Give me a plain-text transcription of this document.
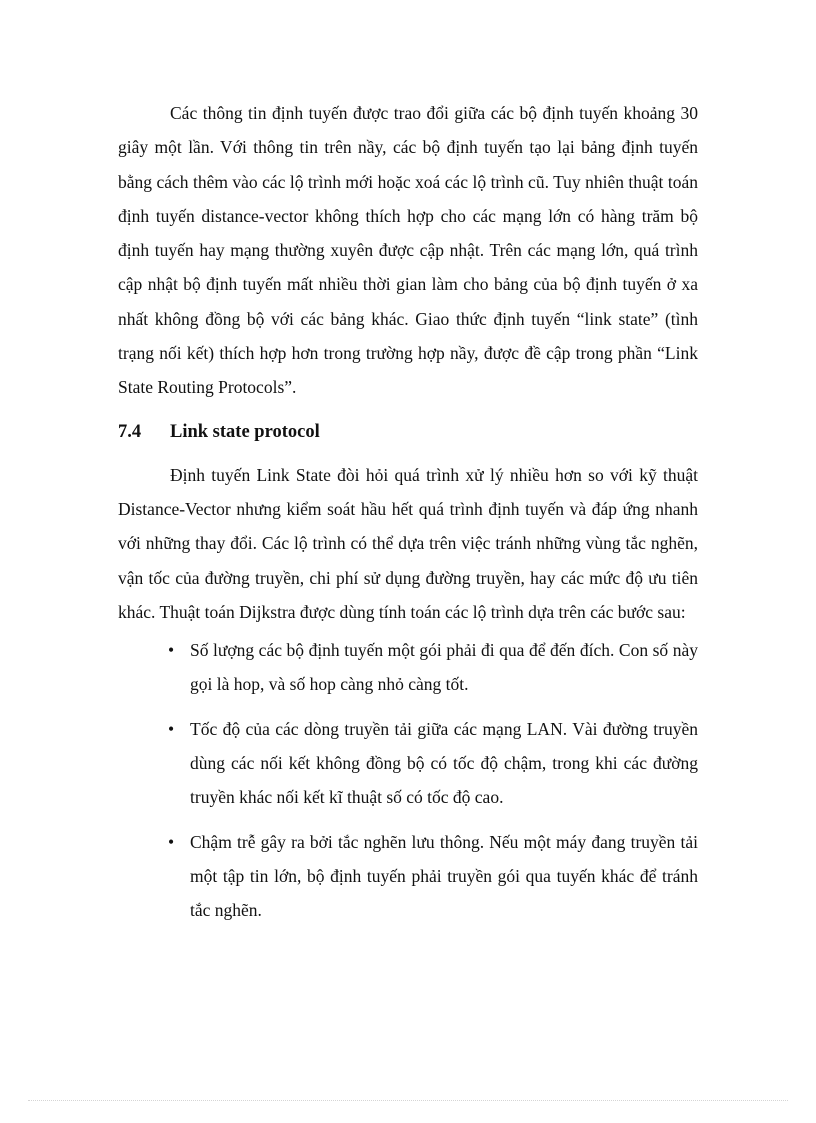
Các thông tin định tuyến được trao đổi giữa các bộ định tuyến khoảng 30 giây một lần. Với thông tin trên nầy, các bộ định tuyến tạo lại bảng định tuyến bằng cách thêm vào các lộ trình mới hoặc xoá các lộ trình cũ. Tuy nhiên thuật toán định tuyến distance-vector không thích hợp cho các mạng lớn có hàng trăm bộ định tuyến hay mạng thường xuyên được cập nhật. Trên các mạng lớn, quá trình cập nhật bộ định tuyến mất nhiều thời gian làm cho bảng của bộ định tuyến ở xa nhất không đồng bộ với các bảng khác. Giao thức định tuyến “link state” (tình trạng nối kết) thích hợp hơn trong trường hợp nầy, được đề cập trong phần “Link State Routing Protocols”.

7.4	Link state protocol

Định tuyến Link State đòi hỏi quá trình xử lý nhiều hơn so với kỹ thuật Distance-Vector nhưng kiểm soát hầu hết quá trình định tuyến và đáp ứng nhanh với những thay đổi. Các lộ trình có thể dựa trên việc tránh những vùng tắc nghẽn, vận tốc của đường truyền, chi phí sử dụng đường truyền, hay các mức độ ưu tiên khác. Thuật toán Dijkstra được dùng tính toán các lộ trình dựa trên các bước sau:

• Số lượng các bộ định tuyến một gói phải đi qua để đến đích. Con số này gọi là hop, và số hop càng nhỏ càng tốt.
• Tốc độ của các dòng truyền tải giữa các mạng LAN. Vài đường truyền dùng các nối kết không đồng bộ có tốc độ chậm, trong khi các đường truyền khác nối kết kĩ thuật số có tốc độ cao.
• Chậm trễ gây ra bởi tắc nghẽn lưu thông. Nếu một máy đang truyền tải một tập tin lớn, bộ định tuyến phải truyền gói qua tuyến khác để tránh tắc nghẽn.
